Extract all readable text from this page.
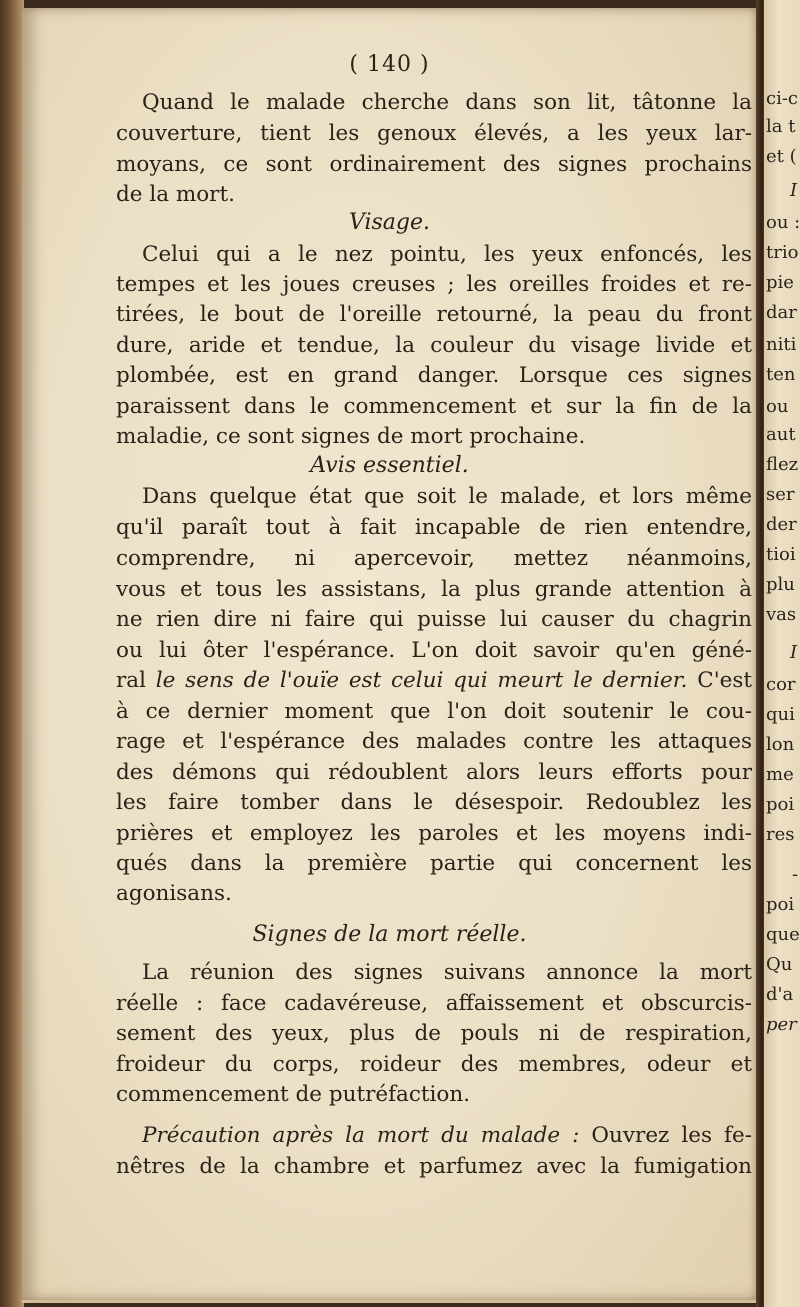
( 140 )
Quand le malade cherche dans son lit, tâtonne la
couverture, tient les genoux élevés, a les yeux lar-
moyans, ce sont ordinairement des signes prochains
de la mort.
Visage.
Celui qui a le nez pointu, les yeux enfoncés, les
tempes et les joues creuses ; les oreilles froides et re-
tirées, le bout de l'oreille retourné, la peau du front
dure, aride et tendue, la couleur du visage livide et
plombée, est en grand danger. Lorsque ces signes
paraissent dans le commencement et sur la fin de la
maladie, ce sont signes de mort prochaine.
Avis essentiel.
Dans quelque état que soit le malade, et lors même
qu'il paraît tout à fait incapable de rien entendre,
comprendre, ni apercevoir, mettez néanmoins,
vous et tous les assistans, la plus grande attention à
ne rien dire ni faire qui puisse lui causer du chagrin
ou lui ôter l'espérance. L'on doit savoir qu'en géné-
ral le sens de l'ouïe est celui qui meurt le dernier. C'est
à ce dernier moment que l'on doit soutenir le cou-
rage et l'espérance des malades contre les attaques
des démons qui rédoublent alors leurs efforts pour
les faire tomber dans le désespoir. Redoublez les
prières et employez les paroles et les moyens indi-
qués dans la première partie qui concernent les
agonisans.
Signes de la mort réelle.
La réunion des signes suivans annonce la mort
réelle : face cadavéreuse, affaissement et obscurcis-
sement des yeux, plus de pouls ni de respiration,
froideur du corps, roideur des membres, odeur et
commencement de putréfaction.
Précaution après la mort du malade : Ouvrez les fe-
nêtres de la chambre et parfumez avec la fumigation
ci-c
la t
et (
I
ou :
trio
pie
dar
niti
ten
ou
aut
flez
ser
der
tioi
plu
vas
I
cor
qui
lon
me
poi
res
-
poi
que
Qu
d'a
per
